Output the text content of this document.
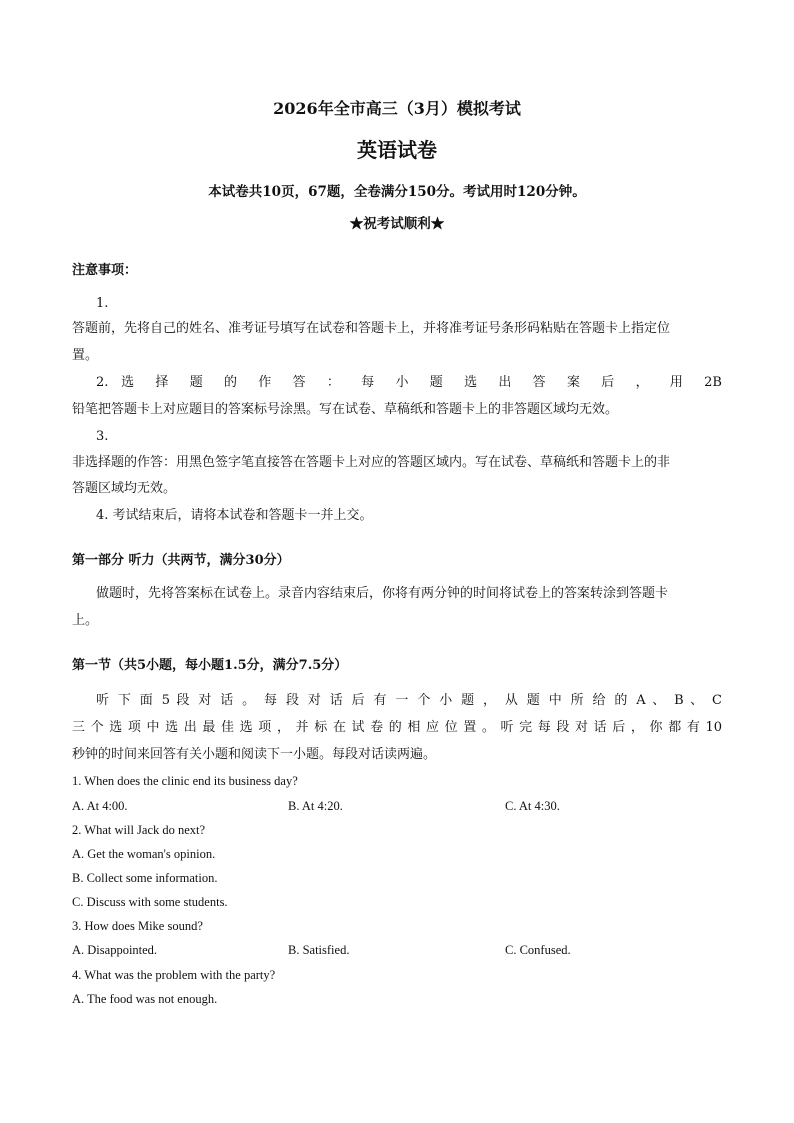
2026年全市高三（3月）模拟考试
英语试卷
本试卷共10页，67题，全卷满分150分。考试用时120分钟。
★祝考试顺利★
注意事项：
1.
答题前，先将自己的姓名、准考证号填写在试卷和答题卡上，并将准考证号条形码粘贴在答题卡上指定位
置。
2. 选 择 题 的 作 答 ： 每 小 题 选 出 答 案 后 ， 用 2B
铅笔把答题卡上对应题目的答案标号涂黑。写在试卷、草稿纸和答题卡上的非答题区域均无效。
3.
非选择题的作答：用黑色签字笔直接答在答题卡上对应的答题区域内。写在试卷、草稿纸和答题卡上的非
答题区域均无效。
4. 考试结束后，请将本试卷和答题卡一并上交。
第一部分 听力（共两节，满分30分）
做题时，先将答案标在试卷上。录音内容结束后，你将有两分钟的时间将试卷上的答案转涂到答题卡
上。
第一节（共5小题，每小题1.5分，满分7.5分）
听 下 面 5 段 对 话 。 每 段 对 话 后 有 一 个 小 题 ， 从 题 中 所 给 的 A 、 B 、 C
三 个 选 项 中 选 出 最 佳 选 项 ， 并 标 在 试 卷 的 相 应 位 置 。 听 完 每 段 对 话 后 ， 你 都 有 10
秒钟的时间来回答有关小题和阅读下一小题。每段对话读两遍。
1. When does the clinic end its business day?
A. At 4:00.	B. At 4:20.	C. At 4:30.
2. What will Jack do next?
A. Get the woman's opinion.
B. Collect some information.
C. Discuss with some students.
3. How does Mike sound?
A. Disappointed.	B. Satisfied.	C. Confused.
4. What was the problem with the party?
A. The food was not enough.
